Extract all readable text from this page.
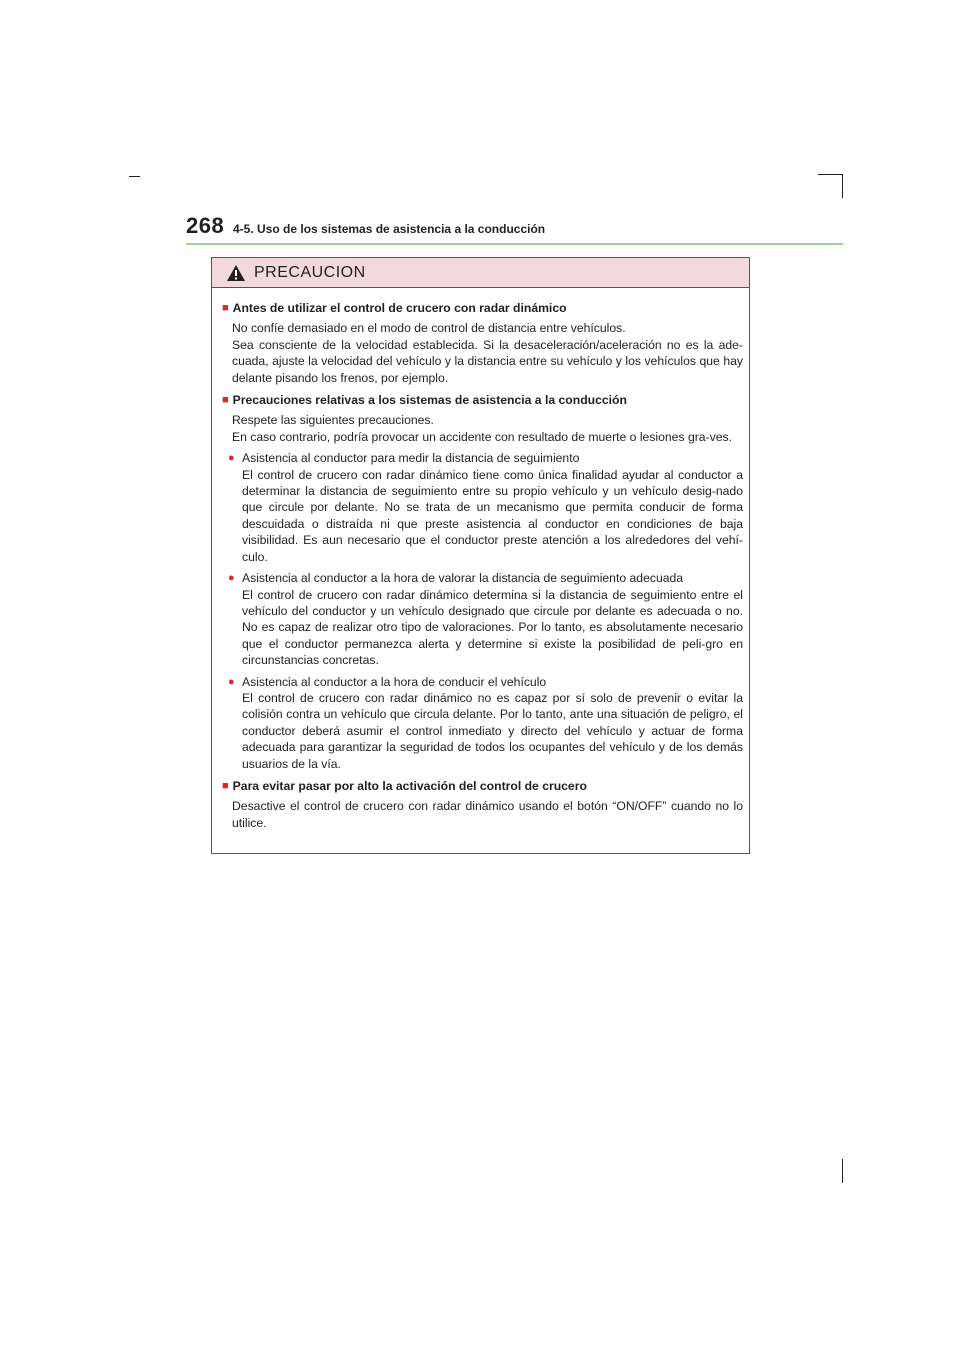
268 4-5. Uso de los sistemas de asistencia a la conducción
PRECAUCION
■ Antes de utilizar el control de crucero con radar dinámico

No confíe demasiado en el modo de control de distancia entre vehículos.
Sea consciente de la velocidad establecida. Si la desaceleración/aceleración no es la ade-cuada, ajuste la velocidad del vehículo y la distancia entre su vehículo y los vehículos que hay delante pisando los frenos, por ejemplo.

■ Precauciones relativas a los sistemas de asistencia a la conducción

Respete las siguientes precauciones.
En caso contrario, podría provocar un accidente con resultado de muerte o lesiones gra-ves.

● Asistencia al conductor para medir la distancia de seguimiento
El control de crucero con radar dinámico tiene como única finalidad ayudar al conductor a determinar la distancia de seguimiento entre su propio vehículo y un vehículo desig-nado que circule por delante. No se trata de un mecanismo que permita conducir de forma descuidada o distraída ni que preste asistencia al conductor en condiciones de baja visibilidad. Es aun necesario que el conductor preste atención a los alrededores del vehí-culo.
● Asistencia al conductor a la hora de valorar la distancia de seguimiento adecuada
El control de crucero con radar dinámico determina si la distancia de seguimiento entre el vehículo del conductor y un vehículo designado que circule por delante es adecuada o no. No es capaz de realizar otro tipo de valoraciones. Por lo tanto, es absolutamente necesario que el conductor permanezca alerta y determine si existe la posibilidad de peli-gro en circunstancias concretas.
● Asistencia al conductor a la hora de conducir el vehículo
El control de crucero con radar dinámico no es capaz por sí solo de prevenir o evitar la colisión contra un vehículo que circula delante. Por lo tanto, ante una situación de peligro, el conductor deberá asumir el control inmediato y directo del vehículo y actuar de forma adecuada para garantizar la seguridad de todos los ocupantes del vehículo y de los demás usuarios de la vía.
■ Para evitar pasar por alto la activación del control de crucero

Desactive el control de crucero con radar dinámico usando el botón “ON/OFF” cuando no lo utilice.
